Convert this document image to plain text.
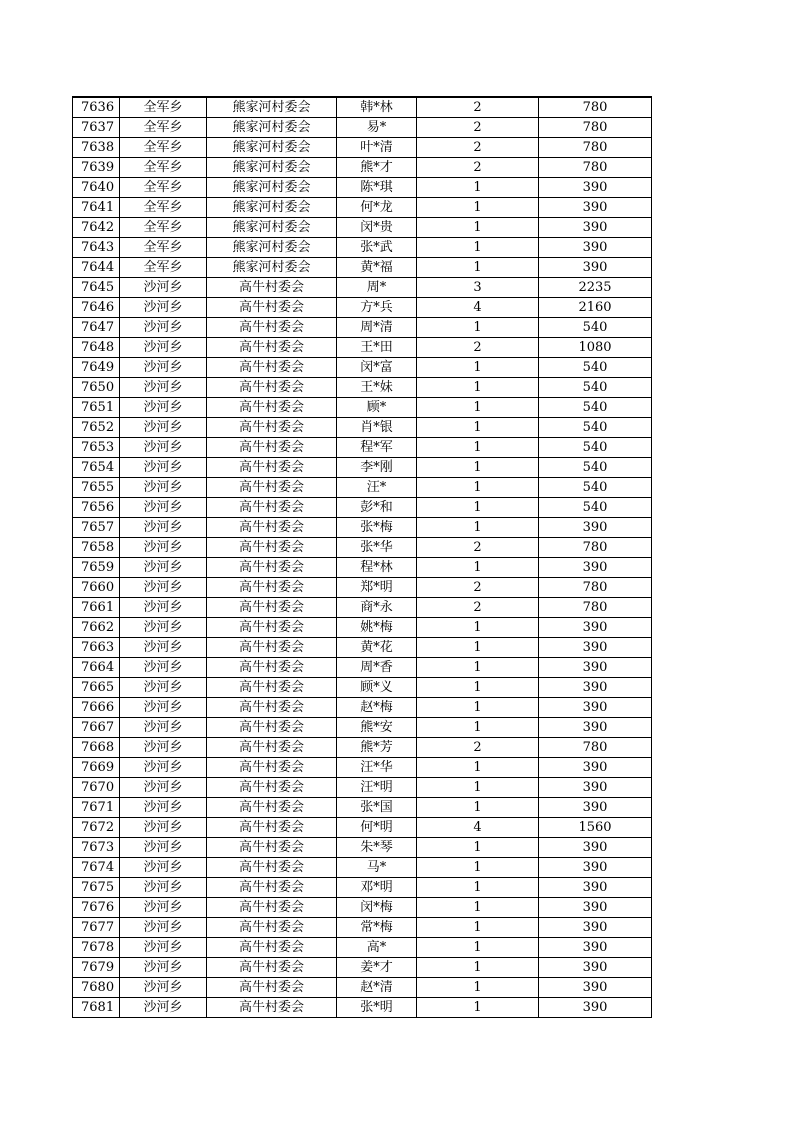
7636	全军乡	熊家河村委会	韩*林	2	780
7637	全军乡	熊家河村委会	易*	2	780
7638	全军乡	熊家河村委会	叶*清	2	780
7639	全军乡	熊家河村委会	熊*才	2	780
7640	全军乡	熊家河村委会	陈*琪	1	390
7641	全军乡	熊家河村委会	何*龙	1	390
7642	全军乡	熊家河村委会	闵*贵	1	390
7643	全军乡	熊家河村委会	张*武	1	390
7644	全军乡	熊家河村委会	黄*福	1	390
7645	沙河乡	高牛村委会	周*	3	2235
7646	沙河乡	高牛村委会	方*兵	4	2160
7647	沙河乡	高牛村委会	周*清	1	540
7648	沙河乡	高牛村委会	王*田	2	1080
7649	沙河乡	高牛村委会	闵*富	1	540
7650	沙河乡	高牛村委会	王*妹	1	540
7651	沙河乡	高牛村委会	顾*	1	540
7652	沙河乡	高牛村委会	肖*银	1	540
7653	沙河乡	高牛村委会	程*军	1	540
7654	沙河乡	高牛村委会	李*刚	1	540
7655	沙河乡	高牛村委会	汪*	1	540
7656	沙河乡	高牛村委会	彭*和	1	540
7657	沙河乡	高牛村委会	张*梅	1	390
7658	沙河乡	高牛村委会	张*华	2	780
7659	沙河乡	高牛村委会	程*林	1	390
7660	沙河乡	高牛村委会	郑*明	2	780
7661	沙河乡	高牛村委会	商*永	2	780
7662	沙河乡	高牛村委会	姚*梅	1	390
7663	沙河乡	高牛村委会	黄*花	1	390
7664	沙河乡	高牛村委会	周*香	1	390
7665	沙河乡	高牛村委会	顾*义	1	390
7666	沙河乡	高牛村委会	赵*梅	1	390
7667	沙河乡	高牛村委会	熊*安	1	390
7668	沙河乡	高牛村委会	熊*芳	2	780
7669	沙河乡	高牛村委会	汪*华	1	390
7670	沙河乡	高牛村委会	汪*明	1	390
7671	沙河乡	高牛村委会	张*国	1	390
7672	沙河乡	高牛村委会	何*明	4	1560
7673	沙河乡	高牛村委会	朱*琴	1	390
7674	沙河乡	高牛村委会	马*	1	390
7675	沙河乡	高牛村委会	邓*明	1	390
7676	沙河乡	高牛村委会	闵*梅	1	390
7677	沙河乡	高牛村委会	常*梅	1	390
7678	沙河乡	高牛村委会	高*	1	390
7679	沙河乡	高牛村委会	姜*才	1	390
7680	沙河乡	高牛村委会	赵*清	1	390
7681	沙河乡	高牛村委会	张*明	1	390
